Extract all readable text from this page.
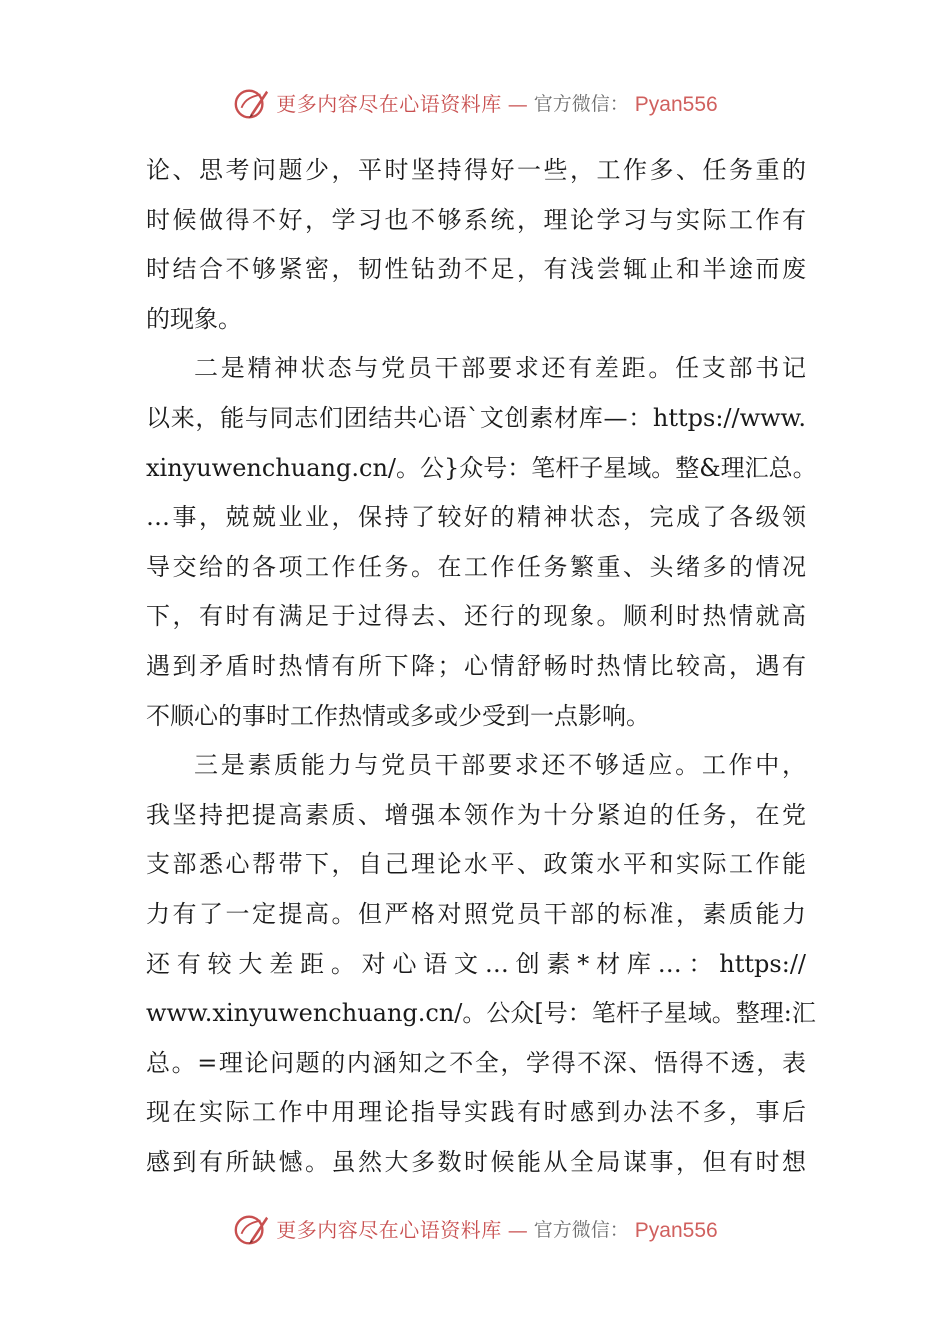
更多内容尽在心语资料库 — 官方微信： Pyan556
论、思考问题少，平时坚持得好一些，工作多、任务重的
时候做得不好，学习也不够系统，理论学习与实际工作有
时结合不够紧密，韧性钻劲不足，有浅尝辄止和半途而废
的现象。
二是精神状态与党员干部要求还有差距。任支部书记
以来，能与同志们团结共心语`文创素材库—：https://www.
xinyuwenchuang.cn/。公}众号：笔杆子星域。整&理汇总。
…事，兢兢业业，保持了较好的精神状态，完成了各级领
导交给的各项工作任务。在工作任务繁重、头绪多的情况
下，有时有满足于过得去、还行的现象。顺利时热情就高
遇到矛盾时热情有所下降；心情舒畅时热情比较高，遇有
不顺心的事时工作热情或多或少受到一点影响。
三是素质能力与党员干部要求还不够适应。工作中，
我坚持把提高素质、增强本领作为十分紧迫的任务，在党
支部悉心帮带下，自己理论水平、政策水平和实际工作能
力有了一定提高。但严格对照党员干部的标准，素质能力
还有较大差距。对心语文…创素*材库…：https://
www.xinyuwenchuang.cn/。公众[号：笔杆子星域。整理:汇
总。=理论问题的内涵知之不全，学得不深、悟得不透，表
现在实际工作中用理论指导实践有时感到办法不多，事后
感到有所缺憾。虽然大多数时候能从全局谋事，但有时想
更多内容尽在心语资料库 — 官方微信： Pyan556
